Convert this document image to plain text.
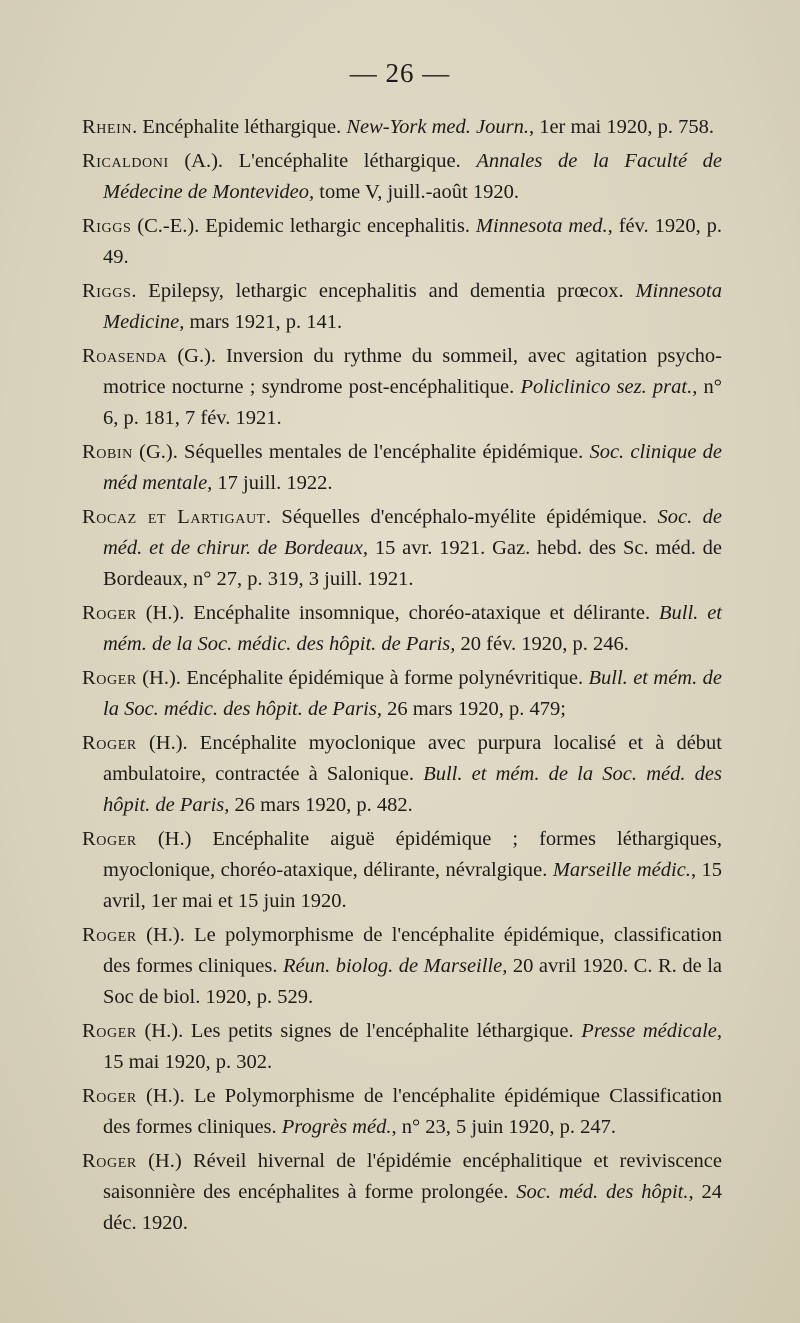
— 26 —

Rhein. Encéphalite léthargique. New-York med. Journ., 1er mai 1920, p. 758.

Ricaldoni (A.). L'encéphalite léthargique. Annales de la Faculté de Médecine de Montevideo, tome V, juill.-août 1920.

Riggs (C.-E.). Epidemic lethargic encephalitis. Minnesota med., fév. 1920, p. 49.

Riggs. Epilepsy, lethargic encephalitis and dementia prœcox. Minnesota Medicine, mars 1921, p. 141.

Roasenda (G.). Inversion du rythme du sommeil, avec agitation psycho-motrice nocturne ; syndrome post-encéphalitique. Policlinico sez. prat., n° 6, p. 181, 7 fév. 1921.

Robin (G.). Séquelles mentales de l'encéphalite épidémique. Soc. clinique de méd mentale, 17 juill. 1922.

Rocaz et Lartigaut. Séquelles d'encéphalo-myélite épidémique. Soc. de méd. et de chirur. de Bordeaux, 15 avr. 1921. Gaz. hebd. des Sc. méd. de Bordeaux, n° 27, p. 319, 3 juill. 1921.

Roger (H.). Encéphalite insomnique, choréo-ataxique et délirante. Bull. et mém. de la Soc. médic. des hôpit. de Paris, 20 fév. 1920, p. 246.

Roger (H.). Encéphalite épidémique à forme polynévritique. Bull. et mém. de la Soc. médic. des hôpit. de Paris, 26 mars 1920, p. 479;

Roger (H.). Encéphalite myoclonique avec purpura localisé et à début ambulatoire, contractée à Salonique. Bull. et mém. de la Soc. méd. des hôpit. de Paris, 26 mars 1920, p. 482.

Roger (H.) Encéphalite aiguë épidémique ; formes léthargiques, myoclonique, choréo-ataxique, délirante, névralgique. Marseille médic., 15 avril, 1er mai et 15 juin 1920.

Roger (H.). Le polymorphisme de l'encéphalite épidémique, classification des formes cliniques. Réun. biolog. de Marseille, 20 avril 1920. C. R. de la Soc de biol. 1920, p. 529.

Roger (H.). Les petits signes de l'encéphalite léthargique. Presse médicale, 15 mai 1920, p. 302.

Roger (H.). Le Polymorphisme de l'encéphalite épidémique Classification des formes cliniques. Progrès méd., n° 23, 5 juin 1920, p. 247.

Roger (H.) Réveil hivernal de l'épidémie encéphalitique et reviviscence saisonnière des encéphalites à forme prolongée. Soc. méd. des hôpit., 24 déc. 1920.
